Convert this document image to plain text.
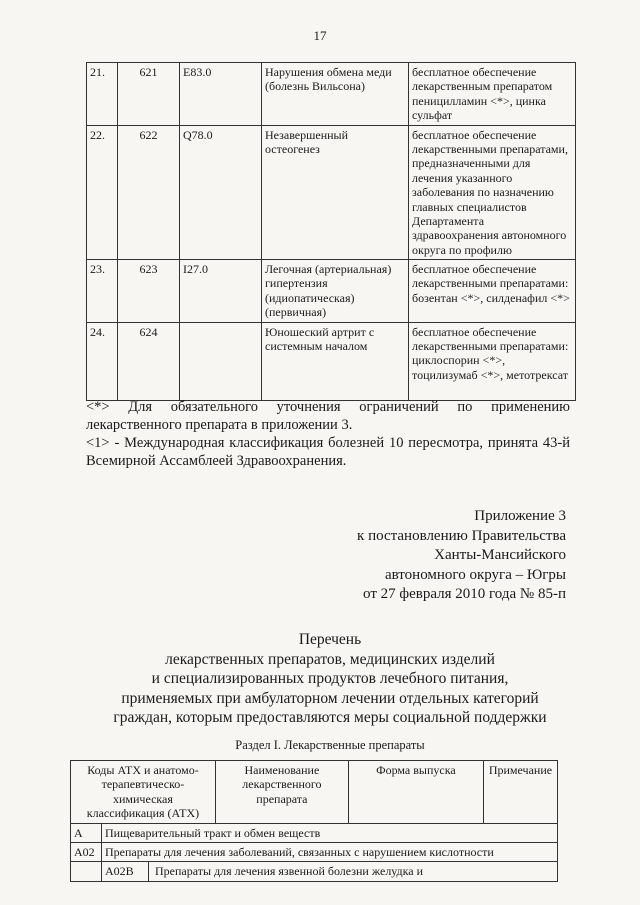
17
21.	621	E83.0	Нарушения обмена меди (болезнь Вильсона)	бесплатное обеспечение лекарственным препаратом пеницилламин <*>, цинка сульфат
22.	622	Q78.0	Незавершенный остеогенез	бесплатное обеспечение лекарственными препаратами, предназначенными для лечения указанного заболевания по назначению главных специалистов Департамента здравоохранения автономного округа по профилю
23.	623	I27.0	Легочная (артериальная) гипертензия (идиопатическая) (первичная)	бесплатное обеспечение лекарственными препаратами: бозентан <*>, силденафил <*>
24.	624		Юношеский артрит с системным началом	бесплатное обеспечение лекарственными препаратами: циклоспорин <*>, тоцилизумаб <*>, метотрексат
<*> Для обязательного уточнения ограничений по применению лекарственного препарата в приложении 3.
<1> - Международная классификация болезней 10 пересмотра, принята 43-й Всемирной Ассамблеей Здравоохранения.
Приложение 3
к постановлению Правительства
Ханты-Мансийского
автономного округа – Югры
от 27 февраля 2010 года № 85-п
Перечень
лекарственных препаратов, медицинских изделий
и специализированных продуктов лечебного питания,
применяемых при амбулаторном лечении отдельных категорий
граждан, которым предоставляются меры социальной поддержки
Раздел I. Лекарственные препараты
Коды АТХ и анатомо-терапевтическо-химическая классификация (АТХ)		Наименование лекарственного препарата	Форма выпуска	Примечание
A	Пищеварительный тракт и обмен веществ			
A02	Препараты для лечения заболеваний, связанных с нарушением кислотности			
	A02B Препараты для лечения язвенной болезни желудка и			
